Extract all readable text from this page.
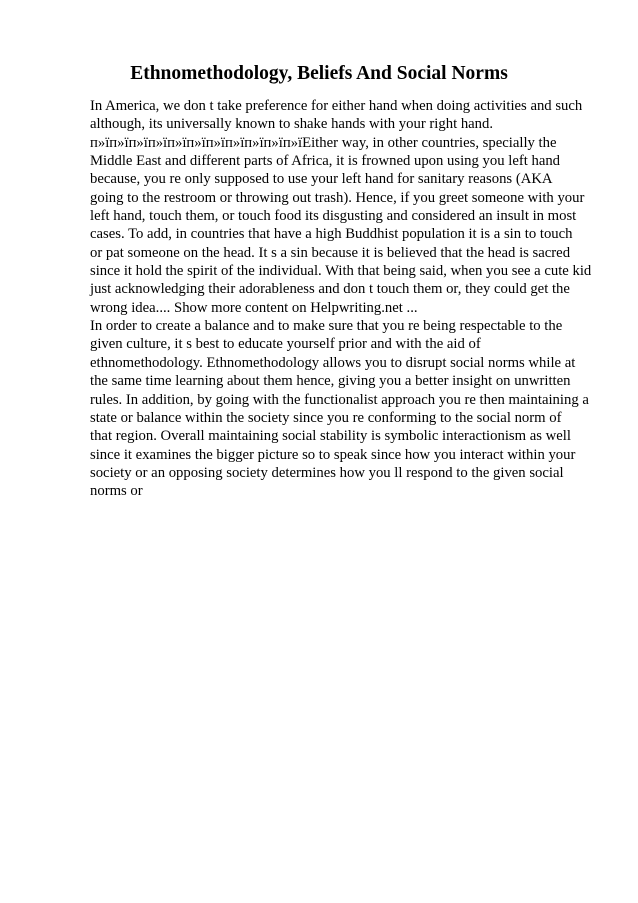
Ethnomethodology, Beliefs And Social Norms
In America, we don t take preference for either hand when doing activities and such
although, its universally known to shake hands with your right hand.
п»їп»їп»їп»їп»їп»їп»їп»їп»їп»їп»їEither way, in other countries, specially the
Middle East and different parts of Africa, it is frowned upon using you left hand
because, you re only supposed to use your left hand for sanitary reasons (AKA
going to the restroom or throwing out trash). Hence, if you greet someone with your
left hand, touch them, or touch food its disgusting and considered an insult in most
cases. To add, in countries that have a high Buddhist population it is a sin to touch
or pat someone on the head. It s a sin because it is believed that the head is sacred
since it hold the spirit of the individual. With that being said, when you see a cute kid
just acknowledging their adorableness and don t touch them or, they could get the
wrong idea.... Show more content on Helpwriting.net ...
In order to create a balance and to make sure that you re being respectable to the
given culture, it s best to educate yourself prior and with the aid of
ethnomethodology. Ethnomethodology allows you to disrupt social norms while at
the same time learning about them hence, giving you a better insight on unwritten
rules. In addition, by going with the functionalist approach you re then maintaining a
state or balance within the society since you re conforming to the social norm of
that region. Overall maintaining social stability is symbolic interactionism as well
since it examines the bigger picture so to speak since how you interact within your
society or an opposing society determines how you ll respond to the given social
norms or
